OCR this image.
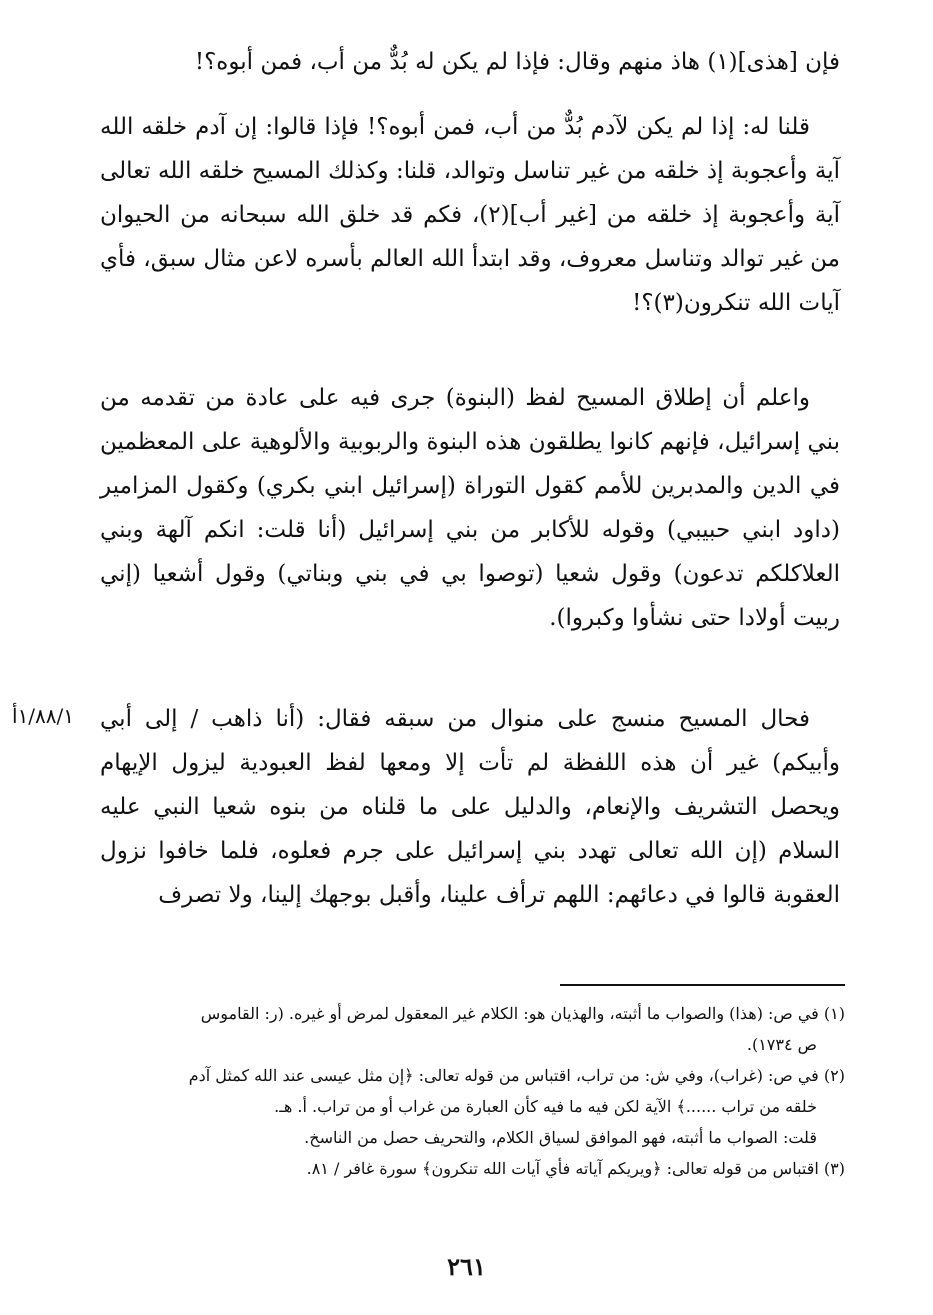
فإن [هذى](١) هاذ منهم وقال: فإذا لم يكن له بُدٌّ من أب، فمن أبوه؟!

قلنا له: إذا لم يكن لآدم بُدٌّ من أب، فمن أبوه؟! فإذا قالوا: إن آدم خلقه الله آية وأعجوبة إذ خلقه من غير تناسل وتوالد، قلنا: وكذلك المسيح خلقه الله تعالى آية وأعجوبة إذ خلقه من [غير أب](٢)، فكم قد خلق الله سبحانه من الحيوان من غير توالد وتناسل معروف، وقد ابتدأ الله العالم بأسره لاعن مثال سبق، فأي آيات الله تنكرون(٣)؟!

واعلم أن إطلاق المسيح لفظ (البنوة) جرى فيه على عادة من تقدمه من بني إسرائيل، فإنهم كانوا يطلقون هذه البنوة والربوبية والألوهية على المعظمين في الدين والمدبرين للأمم كقول التوراة (إسرائيل ابني بكري) وكقول المزامير (داود ابني حبيبي) وقوله للأكابر من بني إسرائيل (أنا قلت: انكم آلهة وبني العلاكلكم تدعون) وقول شعيا (توصوا بي في بني وبناتي) وقول أشعيا (إني ربيت أولادا حتى نشأوا وكبروا).

فحال المسيح منسج على منوال من سبقه فقال: (أنا ذاهب / إلى أبي وأبيكم) غير أن هذه اللفظة لم تأت إلا ومعها لفظ العبودية ليزول الإيهام ويحصل التشريف والإنعام، والدليل على ما قلناه من بنوه شعيا النبي عليه السلام (إن الله تعالى تهدد بني إسرائيل على جرم فعلوه، فلما خافوا نزول العقوبة قالوا في دعائهم: اللهم ترأف علينا، وأقبل بوجهك إلينا، ولا تصرف

١/٨٨/١أ

(١) في ص: (هذا) والصواب ما أثبته، والهذيان هو: الكلام غير المعقول لمرض أو غيره. (ر: القاموس

ص ١٧٣٤).

(٢) في ص: (غراب)، وفي ش: من تراب، اقتباس من قوله تعالى: ﴿إن مثل عيسى عند الله كمثل آدم

خلقه من تراب ......﴾ الآية لكن فيه ما فيه كأن العبارة من غراب أو من تراب. أ. هـ.

قلت: الصواب ما أثبته، فهو الموافق لسياق الكلام، والتحريف حصل من الناسخ.

(٣) اقتباس من قوله تعالى: ﴿ويريكم آياته فأي آيات الله تنكرون﴾ سورة غافر / ٨١.

٢٦١
